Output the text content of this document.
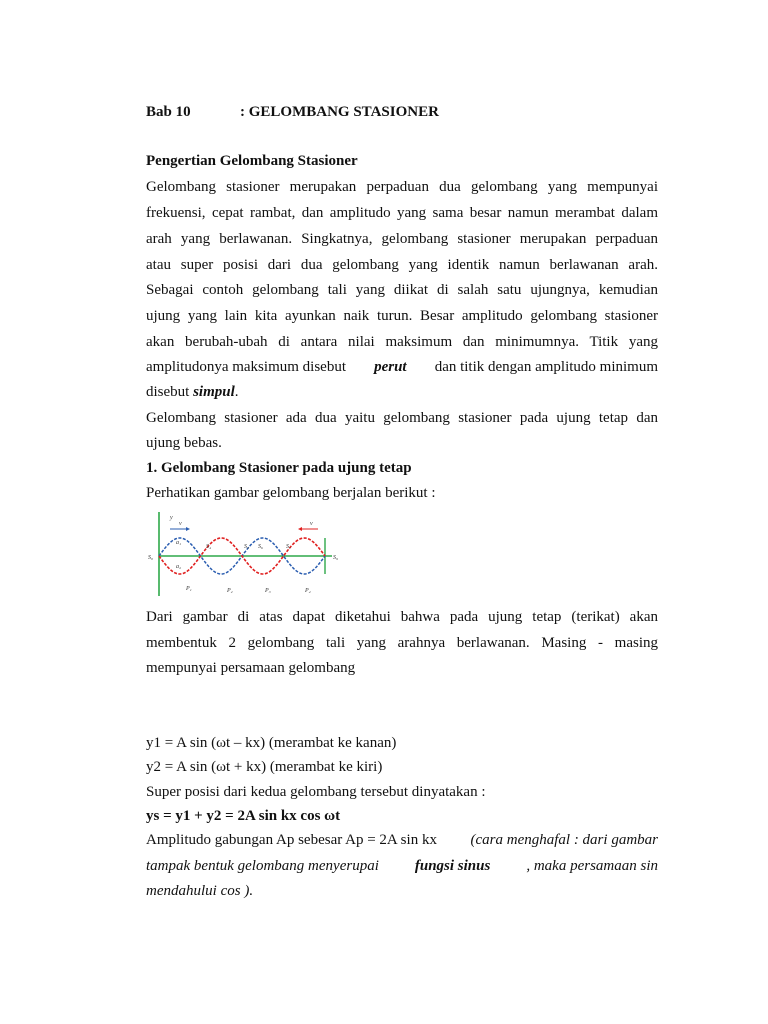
Bab 10	: GELOMBANG STASIONER
Pengertian Gelombang Stasioner
Gelombang stasioner merupakan perpaduan dua gelombang yang mempunyai
frekuensi, cepat rambat, dan amplitudo yang sama besar namun merambat dalam
arah yang berlawanan. Singkatnya, gelombang stasioner merupakan perpaduan
atau super posisi dari dua gelombang yang identik namun berlawanan arah.
Sebagai contoh gelombang tali yang diikat di salah satu ujungnya, kemudian
ujung yang lain kita ayunkan naik turun. Besar amplitudo gelombang stasioner
akan berubah-ubah di antara nilai maksimum dan minimumnya. Titik yang
amplitudonya maksimum disebut perut dan titik dengan amplitudo minimum
disebut simpul.
Gelombang stasioner ada dua yaitu gelombang stasioner pada ujung tetap dan
ujung bebas.
1. Gelombang Stasioner pada ujung tetap
Perhatikan gambar gelombang berjalan berikut :
y
v	v
S₀	S₉
a₁
a₂
S₄	S₅ S₆	S₇
P₁	P₂	P₃	P₄
Dari gambar di atas dapat diketahui bahwa pada ujung tetap (terikat) akan
membentuk 2 gelombang tali yang arahnya berlawanan. Masing - masing
mempunyai persamaan gelombang
y1 = A sin (ωt – kx) (merambat ke kanan)
y2 = A sin (ωt + kx) (merambat ke kiri)
Super posisi dari kedua gelombang tersebut dinyatakan :
ys = y1 + y2 = 2A sin kx cos ωt
Amplitudo gabungan Ap sebesar Ap = 2A sin kx (cara menghafal : dari gambar
tampak bentuk gelombang menyerupai fungsi sinus , maka persamaan sin
mendahului cos ).
